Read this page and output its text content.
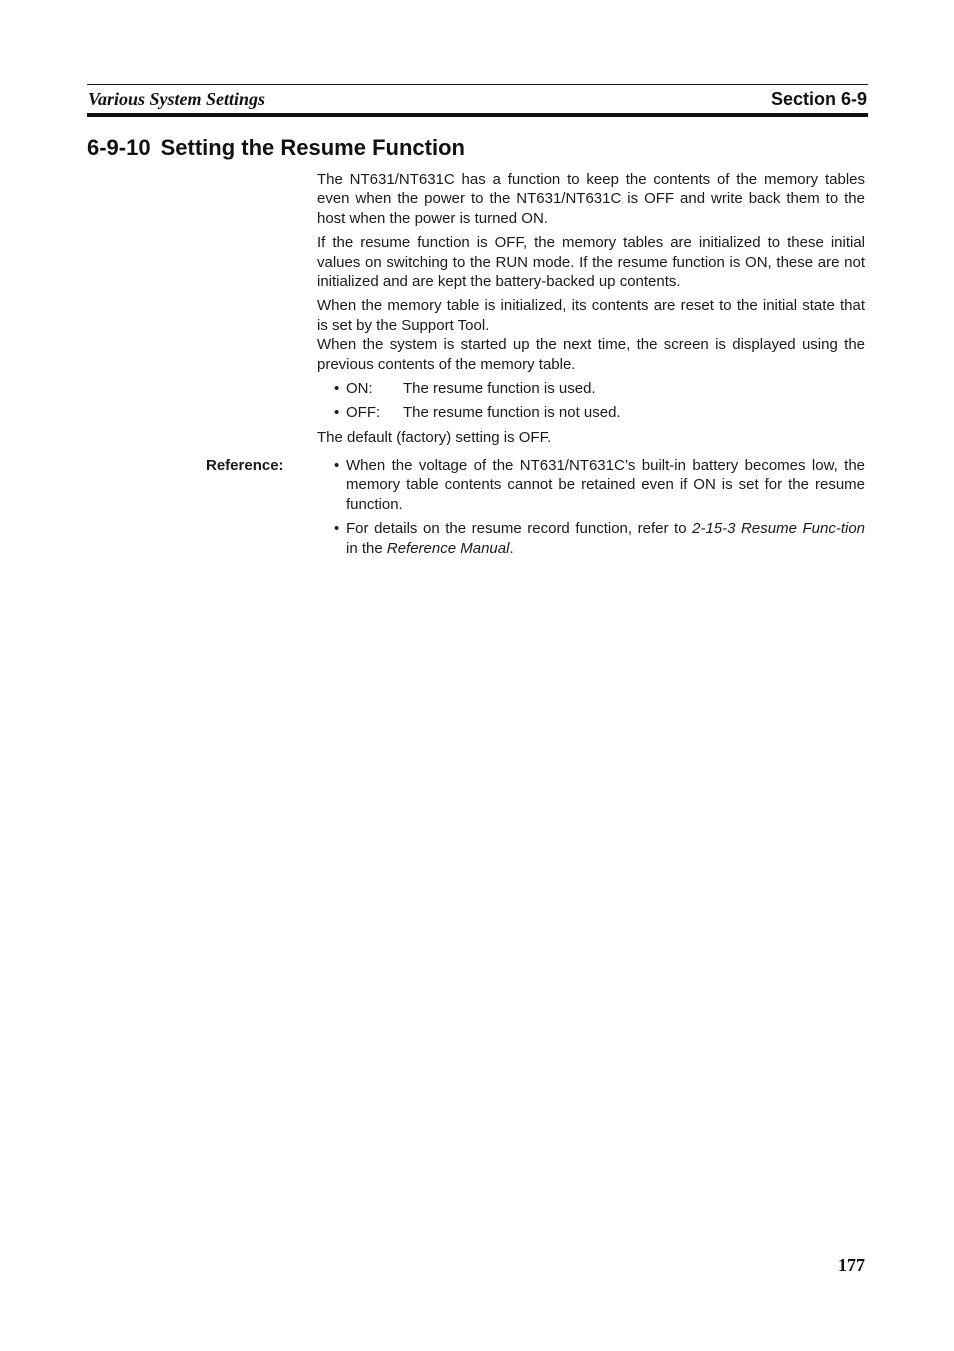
Various System Settings	Section 6-9
6-9-10 Setting the Resume Function

The NT631/NT631C has a function to keep the contents of the memory tables even when the power to the NT631/NT631C is OFF and write back them to the host when the power is turned ON.

If the resume function is OFF, the memory tables are initialized to these initial values on switching to the RUN mode. If the resume function is ON, these are not initialized and are kept the battery-backed up contents.

When the memory table is initialized, its contents are reset to the initial state that is set by the Support Tool.

When the system is started up the next time, the screen is displayed using the previous contents of the memory table.

• ON: The resume function is used.
• OFF: The resume function is not used.

The default (factory) setting is OFF.

Reference:	• When the voltage of the NT631/NT631C’s built-in battery becomes low, the memory table contents cannot be retained even if ON is set for the resume function.
• For details on the resume record function, refer to 2-15-3 Resume Func-tion in the Reference Manual.
177
